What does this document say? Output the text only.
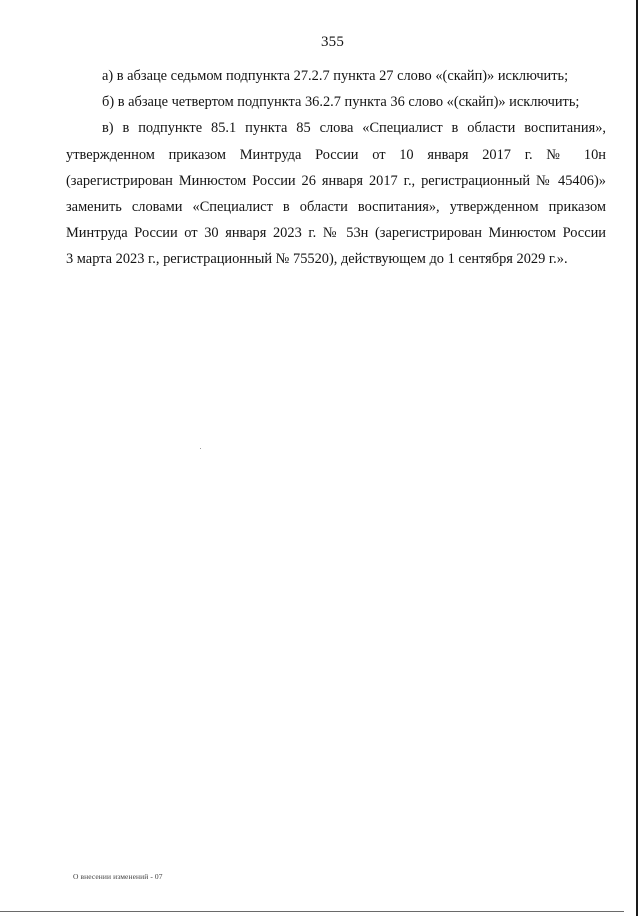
355
а) в абзаце седьмом подпункта 27.2.7 пункта 27 слово «(скайп)» исключить;
б) в абзаце четвертом подпункта 36.2.7 пункта 36 слово «(скайп)» исключить;
в) в подпункте 85.1 пункта 85 слова «Специалист в области воспитания»,
утвержденном приказом Минтруда России от 10 января 2017 г. № 10н
(зарегистрирован Минюстом России 26 января 2017 г., регистрационный № 45406)»
заменить словами «Специалист в области воспитания», утвержденном приказом
Минтруда России от 30 января 2023 г. № 53н (зарегистрирован Минюстом России
3 марта 2023 г., регистрационный № 75520), действующем до 1 сентября 2029 г.».
О внесении изменений - 07
